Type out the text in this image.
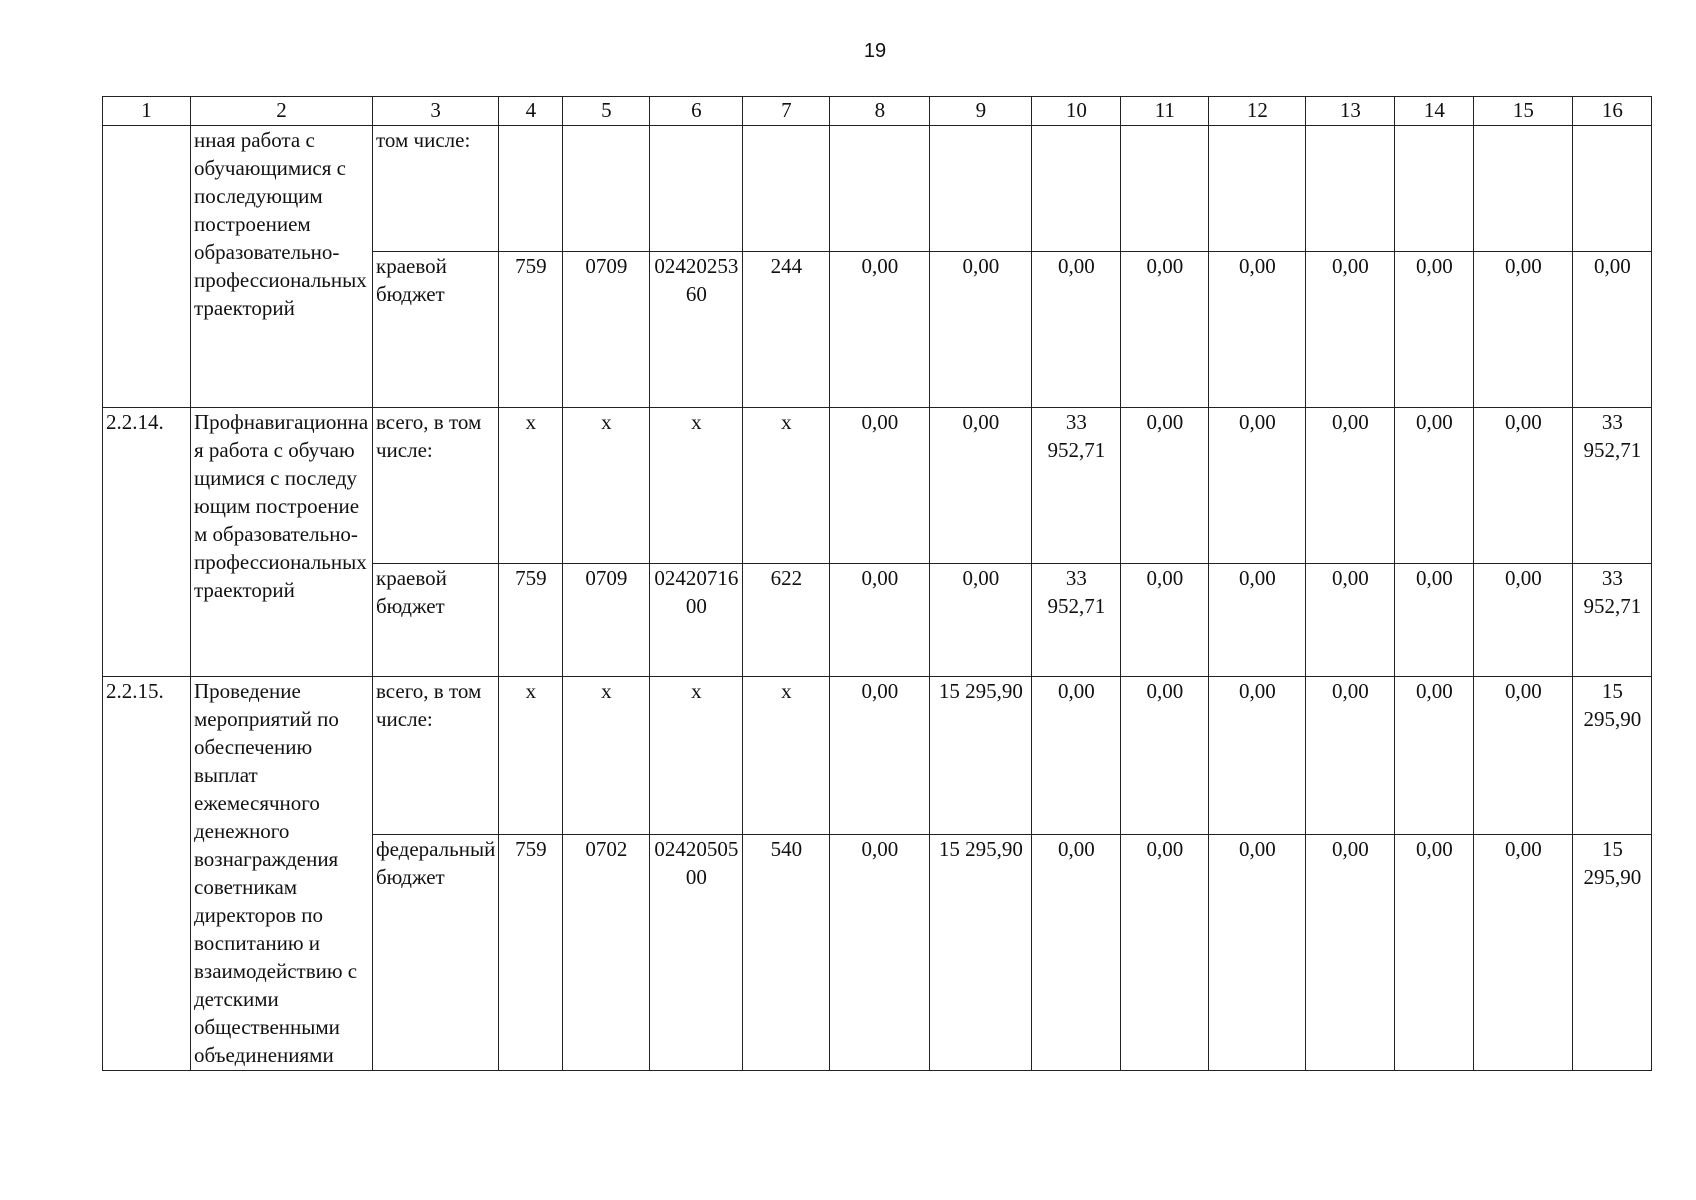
19
1	2	3	4	5	6	7	8	9	10	11	12	13	14	15	16
	нная работа с обучающимися с последующим построением образовательно-профессиональных траекторий	том числе:													
		краевой бюджет	759	0709	0242025360	244	0,00	0,00	0,00	0,00	0,00	0,00	0,00	0,00	0,00
2.2.14.	Профнавигационная работа с обучающимися с последующим построением образовательно-профессиональных траекторий	всего, в том числе:	х	х	х	х	0,00	0,00	33 952,71	0,00	0,00	0,00	0,00	0,00	33 952,71
		краевой бюджет	759	0709	0242071600	622	0,00	0,00	33 952,71	0,00	0,00	0,00	0,00	0,00	33 952,71
2.2.15.	Проведение мероприятий по обеспечению выплат ежемесячного денежного вознаграждения советникам директоров по воспитанию и взаимодействию с детскими общественными объединениями	всего, в том числе:	х	х	х	х	0,00	15 295,90	0,00	0,00	0,00	0,00	0,00	0,00	15 295,90
		федеральный бюджет	759	0702	0242050500	540	0,00	15 295,90	0,00	0,00	0,00	0,00	0,00	0,00	15 295,90
